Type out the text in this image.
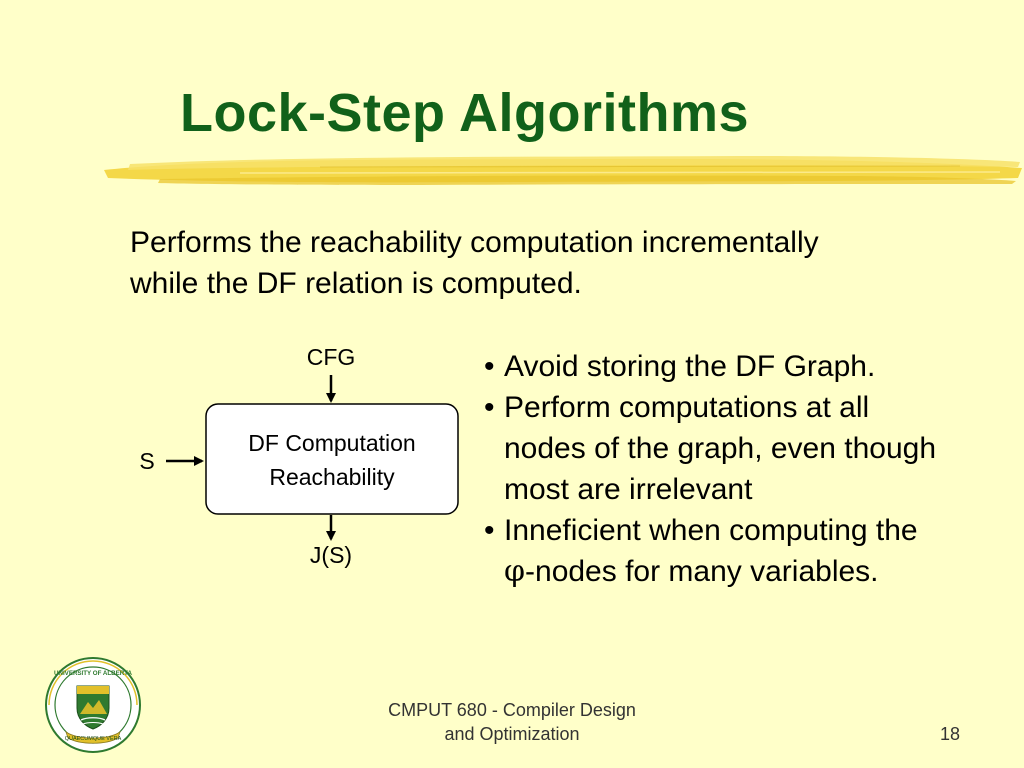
Lock-Step Algorithms
Performs the reachability computation incrementally
while the DF relation is computed.
CFG
S
DF Computation
Reachability
J(S)
• Avoid storing the DF Graph.
• Perform computations at all
nodes of the graph, even though
most are irrelevant
• Inneficient when computing the
φ-nodes for many variables.
QUAECUMQUE VERA
UNIVERSITY OF ALBERTA
CMPUT 680 - Compiler Design
and Optimization	18
